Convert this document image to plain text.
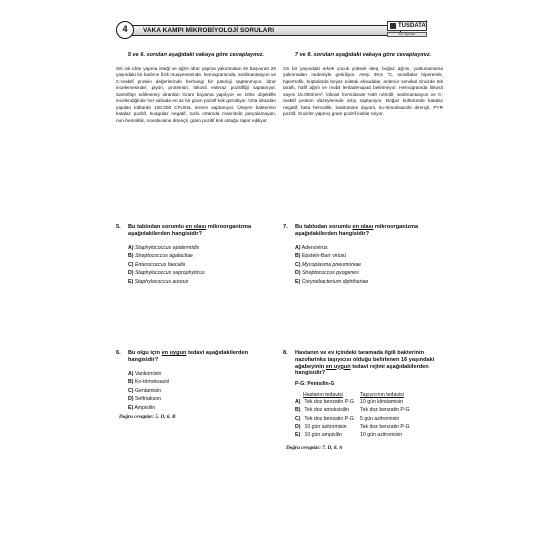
VAKA KAMPI MİKROBİYOLOJİ SORULARI
4	TUSDATA
®
Tıp Yayınları
5 ve 6. soruları aşağıdaki vakaya göre cevaplayınız.
Sık sık idrar yapma isteği ve ağrılı idrar yapma yakınmaları ile başvuran 26 yaşındaki bir kadının fizik muayenesinde, hemogramında, sedimantasyon ve C-reaktif protein değerlerinde herhangi bir patoloji saptanmıyor. İdrar incelemesinde; piyüri, proteinüri, lökosit esteraz pozitifliği saptanıyor. Santrifüje edilmemiş idrardan Gram boyama yapılıyor ve 100x objektifle incelendiğinde her sahada en az bir gram pozitif kok görülüyor. Orta idrardan yapılan kültürde 100.000 CFU/mL üreme saptanıyor. Üreyen bakterinin katalaz pozitif, koagülaz negatif, tuzlu ortamda mannitolü parçalamayan, non-hemolitik, novobiosine dirençli, gram pozitif kok olduğu rapor ediliyor.
7 ve 8. soruları aşağıdaki vakaya göre cevaplayınız.
On bir yaşındaki erkek çocuk yüksek ateş, boğaz ağrısı, yutkunamama yakınmaları nedeniyle getiriliyor. Ateşi 39,6 °C, tonsillalar hiperemik, hipertrofik, kriptalarda beyaz noktalı eksudalar, anterior servikal zincirde tek taraflı, hafif ağrılı ve mobil lenfadenopati belirleniyor. Hemogramda lökosit sayısı 15.000/mm³, lökosit formülünde %80 nötrofil, sedimantasyon ve C-reaktif protein düzeylerinde artış saptanıyor. Boğaz kültüründe katalaz negatif, beta hemolitik, basitrasine duyarlı, ko-trimoksazole dirençli, PYR pozitif, zincirler yapmış gram pozitif koklar üriyor.
5.	Bu tablodan sorumlu en olası mikroorganizma aşağıdakilerden hangisidir?
A) Staphylococcus epidermidis
B) Streptococcus agalactiae
C) Enterococcus faecalis
D) Staphylococcus saprophyticus
E) Staphylococcus aureus
7.	Bu tablodan sorumlu en olası mikroorganizma aşağıdakilerden hangisidir?
A) Adenovirüs
B) Epstein-Barr virüsü
C) Mycoplasma pneumoniae
D) Streptococcus pyogenes
E) Corynebacterium diphtheriae
6.	Bu olgu için en uygun tedavi aşağıdakilerden hangisidir?
A) Vankomisin
B) Ko-trimoksazol
C) Gentamisin
D) Seftriakson
E) Ampisilin
Doğru cevaplar: 5. D, 6. B
8.	Hastanın ve ev içindeki taramada ilgili bakterinin nazofarinks taşıyıcısı olduğu belirlenen 16 yaşındaki ağabeyinin en uygun tedavi rejimi aşağıdakilerden hangisidir?
P-G: Penisilin-G
Hastanın tedavisi	Taşıyıcının tedavisi
A) Tek doz benzatin P-G	10 gün klindamisin
B) Tek doz amoksisilin	Tek doz benzatin P-G
C) Tek doz benzatin P-G	5 gün azitromisin
D) 10 gün azitromisin	Tek doz benzatin P-G
E) 10 gün ampisilin	10 gün azitromisin
Doğru cevaplar: 7. D, 8. A
